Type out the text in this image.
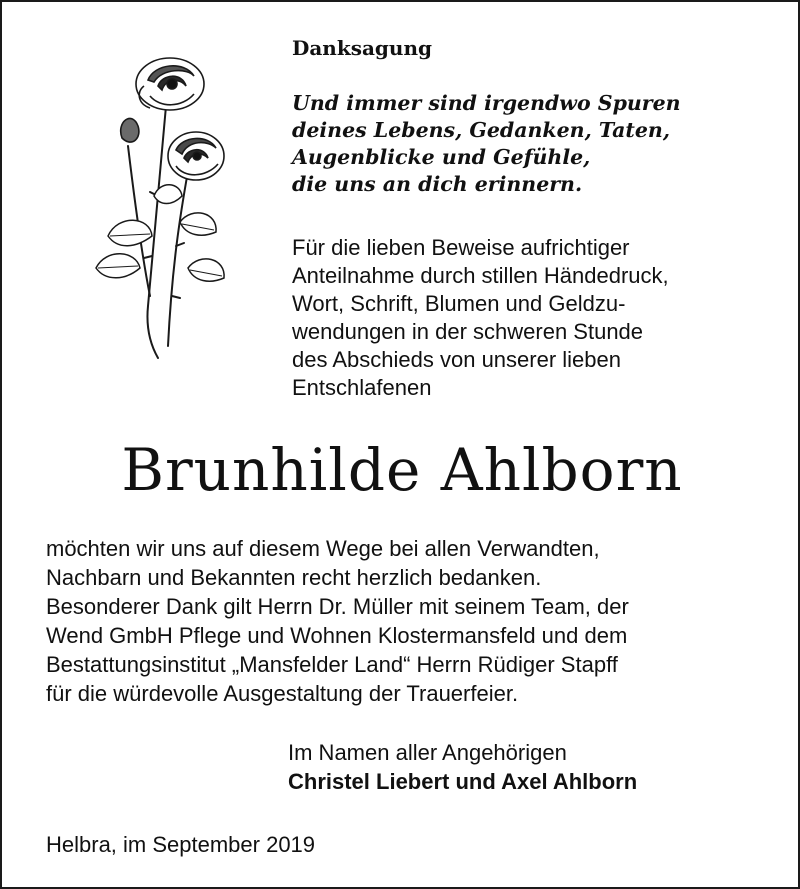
Danksagung

Und immer sind irgendwo Spuren
deines Lebens, Gedanken, Taten,
Augenblicke und Gefühle,
die uns an dich erinnern.

Für die lieben Beweise aufrichtiger
Anteilnahme durch stillen Händedruck,
Wort, Schrift, Blumen und Geldzu-
wendungen in der schweren Stunde
des Abschieds von unserer lieben
Entschlafenen

Brunhilde Ahlborn

möchten wir uns auf diesem Wege bei allen Verwandten,
Nachbarn und Bekannten recht herzlich bedanken.
Besonderer Dank gilt Herrn Dr. Müller mit seinem Team, der
Wend GmbH Pflege und Wohnen Klostermansfeld und dem
Bestattungsinstitut „Mansfelder Land“ Herrn Rüdiger Stapff
für die würdevolle Ausgestaltung der Trauerfeier.

Im Namen aller Angehörigen
Christel Liebert und Axel Ahlborn

Helbra, im September 2019
